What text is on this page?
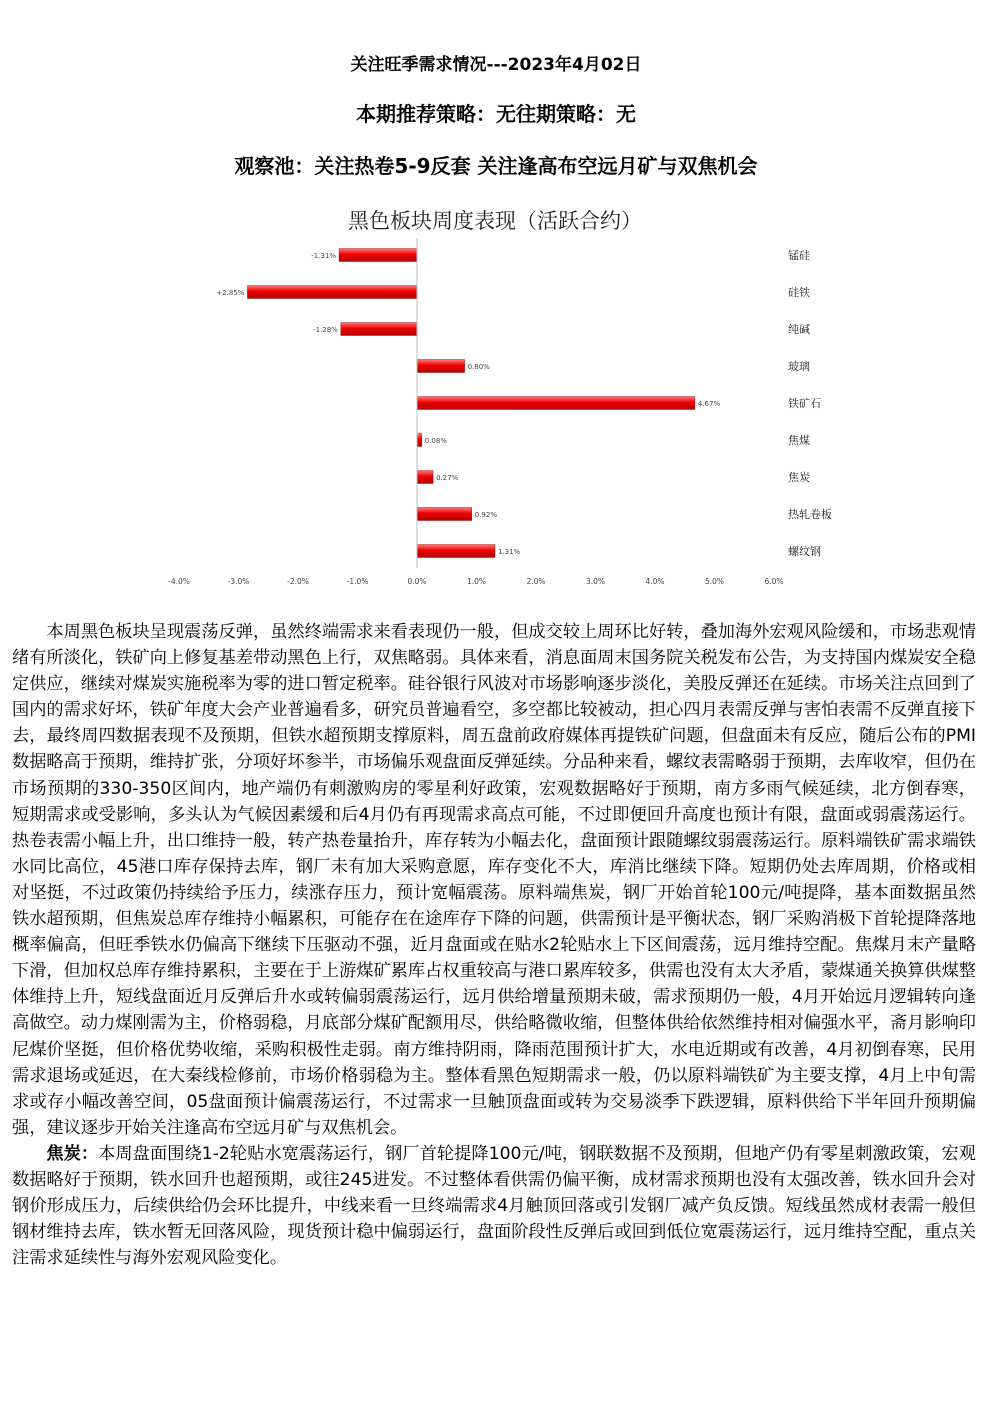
关注旺季需求情况---2023年4月02日
本期推荐策略：无往期策略：无
观察池：关注热卷5-9反套 关注逢高布空远月矿与双焦机会
黑色板块周度表现（活跃合约）
-1.31%	锰硅
+2.85%	硅铁
-1.28%	纯碱
0.80%	玻璃
4.67%	铁矿石
0.08%	焦煤
0.27%	焦炭
0.92%	热轧卷板
1.31%	螺纹钢
-4.0%	-3.0%	-2.0%	-1.0%	0.0%	1.0%	2.0%	3.0%	4.0%	5.0%	6.0%

本周黑色板块呈现震荡反弹，虽然终端需求来看表现仍一般，但成交较上周环比好转，叠加海外宏观风险缓和，市场悲观情绪有所淡化，铁矿向上修复基差带动黑色上行，双焦略弱。具体来看，消息面周末国务院关税发布公告，为支持国内煤炭安全稳定供应，继续对煤炭实施税率为零的进口暂定税率。硅谷银行风波对市场影响逐步淡化，美股反弹还在延续。市场关注点回到了国内的需求好坏，铁矿年度大会产业普遍看多，研究员普遍看空，多空都比较被动，担心四月表需反弹与害怕表需不反弹直接下去，最终周四数据表现不及预期，但铁水超预期支撑原料，周五盘前政府媒体再提铁矿问题，但盘面未有反应，随后公布的PMI数据略高于预期，维持扩张，分项好坏参半，市场偏乐观盘面反弹延续。分品种来看，螺纹表需略弱于预期，去库收窄，但仍在市场预期的330-350区间内，地产端仍有刺激购房的零星利好政策，宏观数据略好于预期，南方多雨气候延续，北方倒春寒，短期需求或受影响，多头认为气候因素缓和后4月仍有再现需求高点可能，不过即便回升高度也预计有限，盘面或弱震荡运行。热卷表需小幅上升，出口维持一般，转产热卷量抬升，库存转为小幅去化，盘面预计跟随螺纹弱震荡运行。原料端铁矿需求端铁水同比高位，45港口库存保持去库，钢厂未有加大采购意愿，库存变化不大，库消比继续下降。短期仍处去库周期，价格或相对坚挺，不过政策仍持续给予压力，续涨存压力，预计宽幅震荡。原料端焦炭，钢厂开始首轮100元/吨提降，基本面数据虽然铁水超预期，但焦炭总库存维持小幅累积，可能存在在途库存下降的问题，供需预计是平衡状态，钢厂采购消极下首轮提降落地概率偏高，但旺季铁水仍偏高下继续下压驱动不强，近月盘面或在贴水2轮贴水上下区间震荡，远月维持空配。焦煤月末产量略下滑，但加权总库存维持累积，主要在于上游煤矿累库占权重较高与港口累库较多，供需也没有太大矛盾，蒙煤通关换算供煤整体维持上升，短线盘面近月反弹后升水或转偏弱震荡运行，远月供给增量预期未破，需求预期仍一般，4月开始远月逻辑转向逢高做空。动力煤刚需为主，价格弱稳，月底部分煤矿配额用尽，供给略微收缩，但整体供给依然维持相对偏强水平，斋月影响印尼煤价坚挺，但价格优势收缩，采购积极性走弱。南方维持阴雨，降雨范围预计扩大，水电近期或有改善，4月初倒春寒，民用需求退场或延迟，在大秦线检修前，市场价格弱稳为主。整体看黑色短期需求一般，仍以原料端铁矿为主要支撑，4月上中旬需求或存小幅改善空间，05盘面预计偏震荡运行，不过需求一旦触顶盘面或转为交易淡季下跌逻辑，原料供给下半年回升预期偏强，建议逐步开始关注逢高布空远月矿与双焦机会。

焦炭：本周盘面围绕1-2轮贴水宽震荡运行，钢厂首轮提降100元/吨，钢联数据不及预期，但地产仍有零星刺激政策，宏观数据略好于预期，铁水回升也超预期，或往245进发。不过整体看供需仍偏平衡，成材需求预期也没有太强改善，铁水回升会对钢价形成压力，后续供给仍会环比提升，中线来看一旦终端需求4月触顶回落或引发钢厂减产负反馈。短线虽然成材表需一般但钢材维持去库，铁水暂无回落风险，现货预计稳中偏弱运行，盘面阶段性反弹后或回到低位宽震荡运行，远月维持空配，重点关注需求延续性与海外宏观风险变化。
